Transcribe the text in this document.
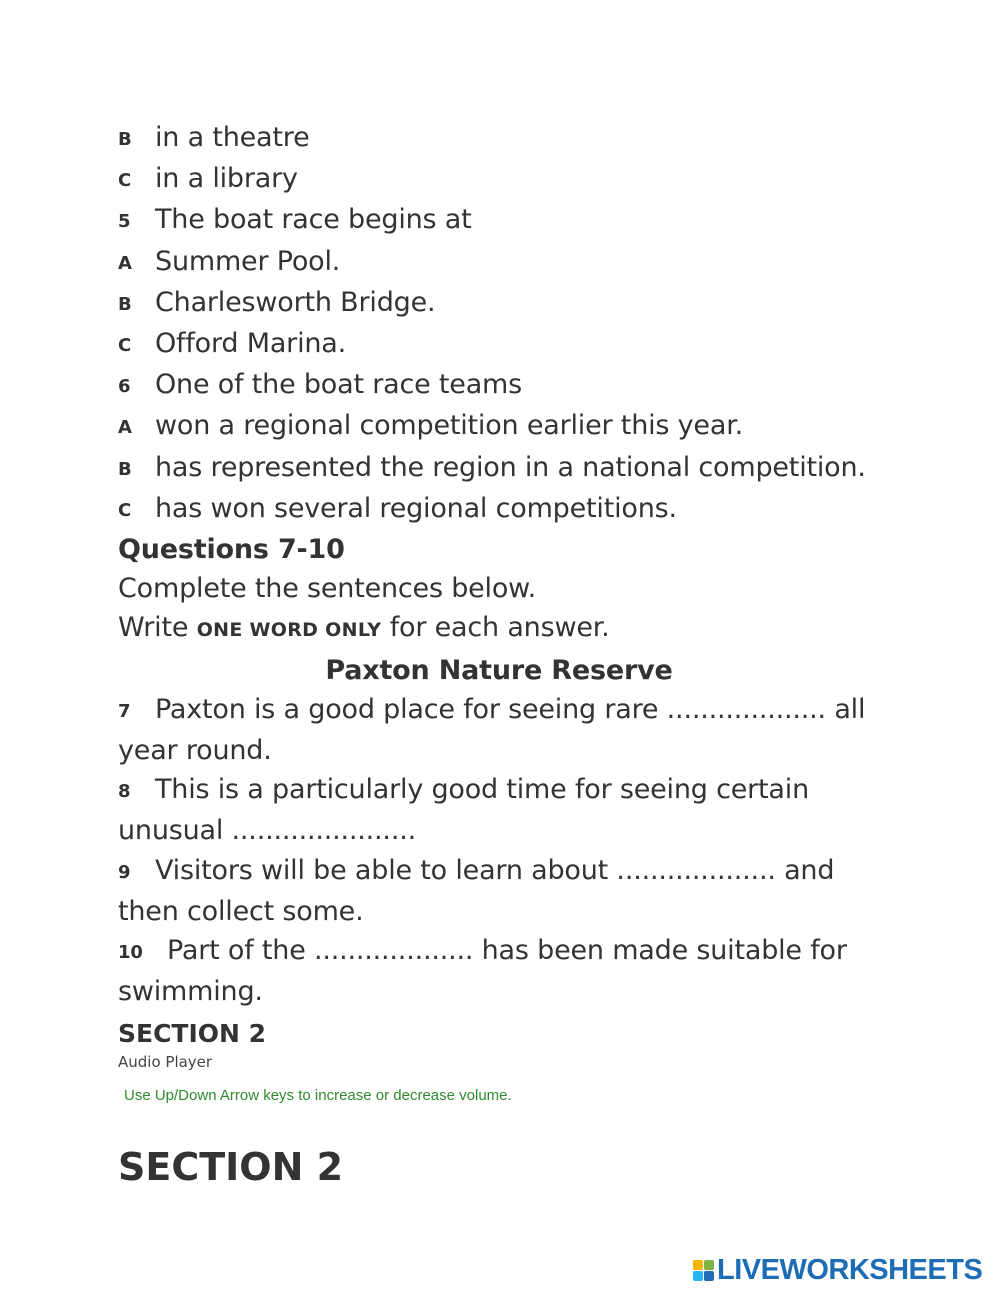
B in a theatre
C in a library
5 The boat race begins at
A Summer Pool.
B Charlesworth Bridge.
C Offord Marina.
6 One of the boat race teams
A won a regional competition earlier this year.
B has represented the region in a national competition.
C has won several regional competitions.
Questions 7-10
Complete the sentences below.
Write ONE WORD ONLY for each answer.
Paxton Nature Reserve
7 Paxton is a good place for seeing rare ................... all year round.
8 This is a particularly good time for seeing certain unusual ......................
9 Visitors will be able to learn about ................... and then collect some.
10 Part of the ................... has been made suitable for swimming.
SECTION 2
Audio Player
Use Up/Down Arrow keys to increase or decrease volume.
SECTION 2
LIVEWORKSHEETS
